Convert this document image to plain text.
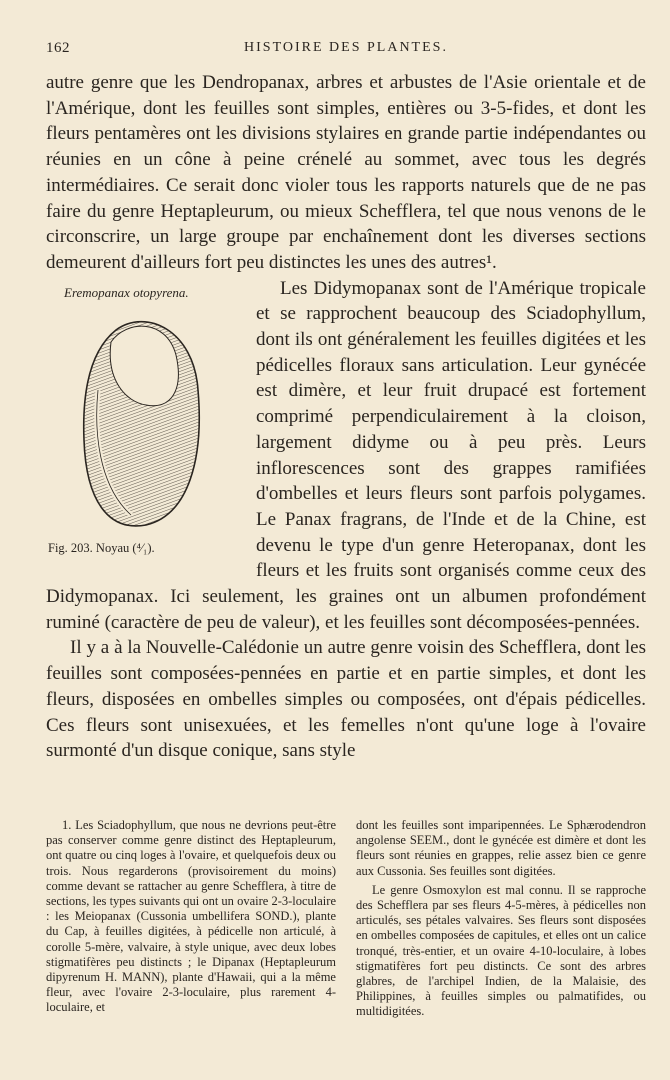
162	HISTOIRE DES PLANTES.

autre genre que les Dendropanax, arbres et arbustes de l'Asie orientale et de l'Amérique, dont les feuilles sont simples, entières ou 3-5-fides, et dont les fleurs pentamères ont les divisions stylaires en grande partie indépendantes ou réunies en un cône à peine crénelé au sommet, avec tous les degrés intermédiaires. Ce serait donc violer tous les rapports naturels que de ne pas faire du genre Heptapleurum, ou mieux Schefflera, tel que nous venons de le circonscrire, un large groupe par enchaînement dont les diverses sections demeurent d'ailleurs fort peu distinctes les unes des autres¹.

Eremopanax otopyrena.
Fig. 203. Noyau (⁴⁄₁).

Les Didymopanax sont de l'Amérique tropicale et se rapprochent beaucoup des Sciadophyllum, dont ils ont généralement les feuilles digitées et les pédicelles floraux sans articulation. Leur gynécée est dimère, et leur fruit drupacé est fortement comprimé perpendiculairement à la cloison, largement didyme ou à peu près. Leurs inflorescences sont des grappes ramifiées d'ombelles et leurs fleurs sont parfois polygames. Le Panax fragrans, de l'Inde et de la Chine, est devenu le type d'un genre Heteropanax, dont les fleurs et les fruits sont organisés comme ceux des Didymopanax. Ici seulement, les graines ont un albumen profondément ruminé (caractère de peu de valeur), et les feuilles sont décomposées-pennées.

Il y a à la Nouvelle-Calédonie un autre genre voisin des Schefflera, dont les feuilles sont composées-pennées en partie et en partie simples, et dont les fleurs, disposées en ombelles simples ou composées, ont d'épais pédicelles. Ces fleurs sont unisexuées, et les femelles n'ont qu'une loge à l'ovaire surmonté d'un disque conique, sans style

1. Les Sciadophyllum, que nous ne devrions peut-être pas conserver comme genre distinct des Heptapleurum, ont quatre ou cinq loges à l'ovaire, et quelquefois deux ou trois. Nous regarderons (provisoirement du moins) comme devant se rattacher au genre Schefflera, à titre de sections, les types suivants qui ont un ovaire 2-3-loculaire : les Meiopanax (Cussonia umbellifera SOND.), plante du Cap, à feuilles digitées, à pédicelle non articulé, à corolle 5-mère, valvaire, à style unique, avec deux lobes stigmatifères peu distincts ; le Dipanax (Heptapleurum dipyrenum H. MANN), plante d'Hawaii, qui a la même fleur, avec l'ovaire 2-3-loculaire, plus rarement 4-loculaire, et

dont les feuilles sont imparipennées. Le Sphærodendron angolense SEEM., dont le gynécée est dimère et dont les fleurs sont réunies en grappes, relie assez bien ce genre aux Cussonia. Ses feuilles sont digitées.

Le genre Osmoxylon est mal connu. Il se rapproche des Schefflera par ses fleurs 4-5-mères, à pédicelles non articulés, ses pétales valvaires. Ses fleurs sont disposées en ombelles composées de capitules, et elles ont un calice tronqué, très-entier, et un ovaire 4-10-loculaire, à lobes stigmatifères fort peu distincts. Ce sont des arbres glabres, de l'archipel Indien, de la Malaisie, des Philippines, à feuilles simples ou palmatifides, ou multidigitées.
